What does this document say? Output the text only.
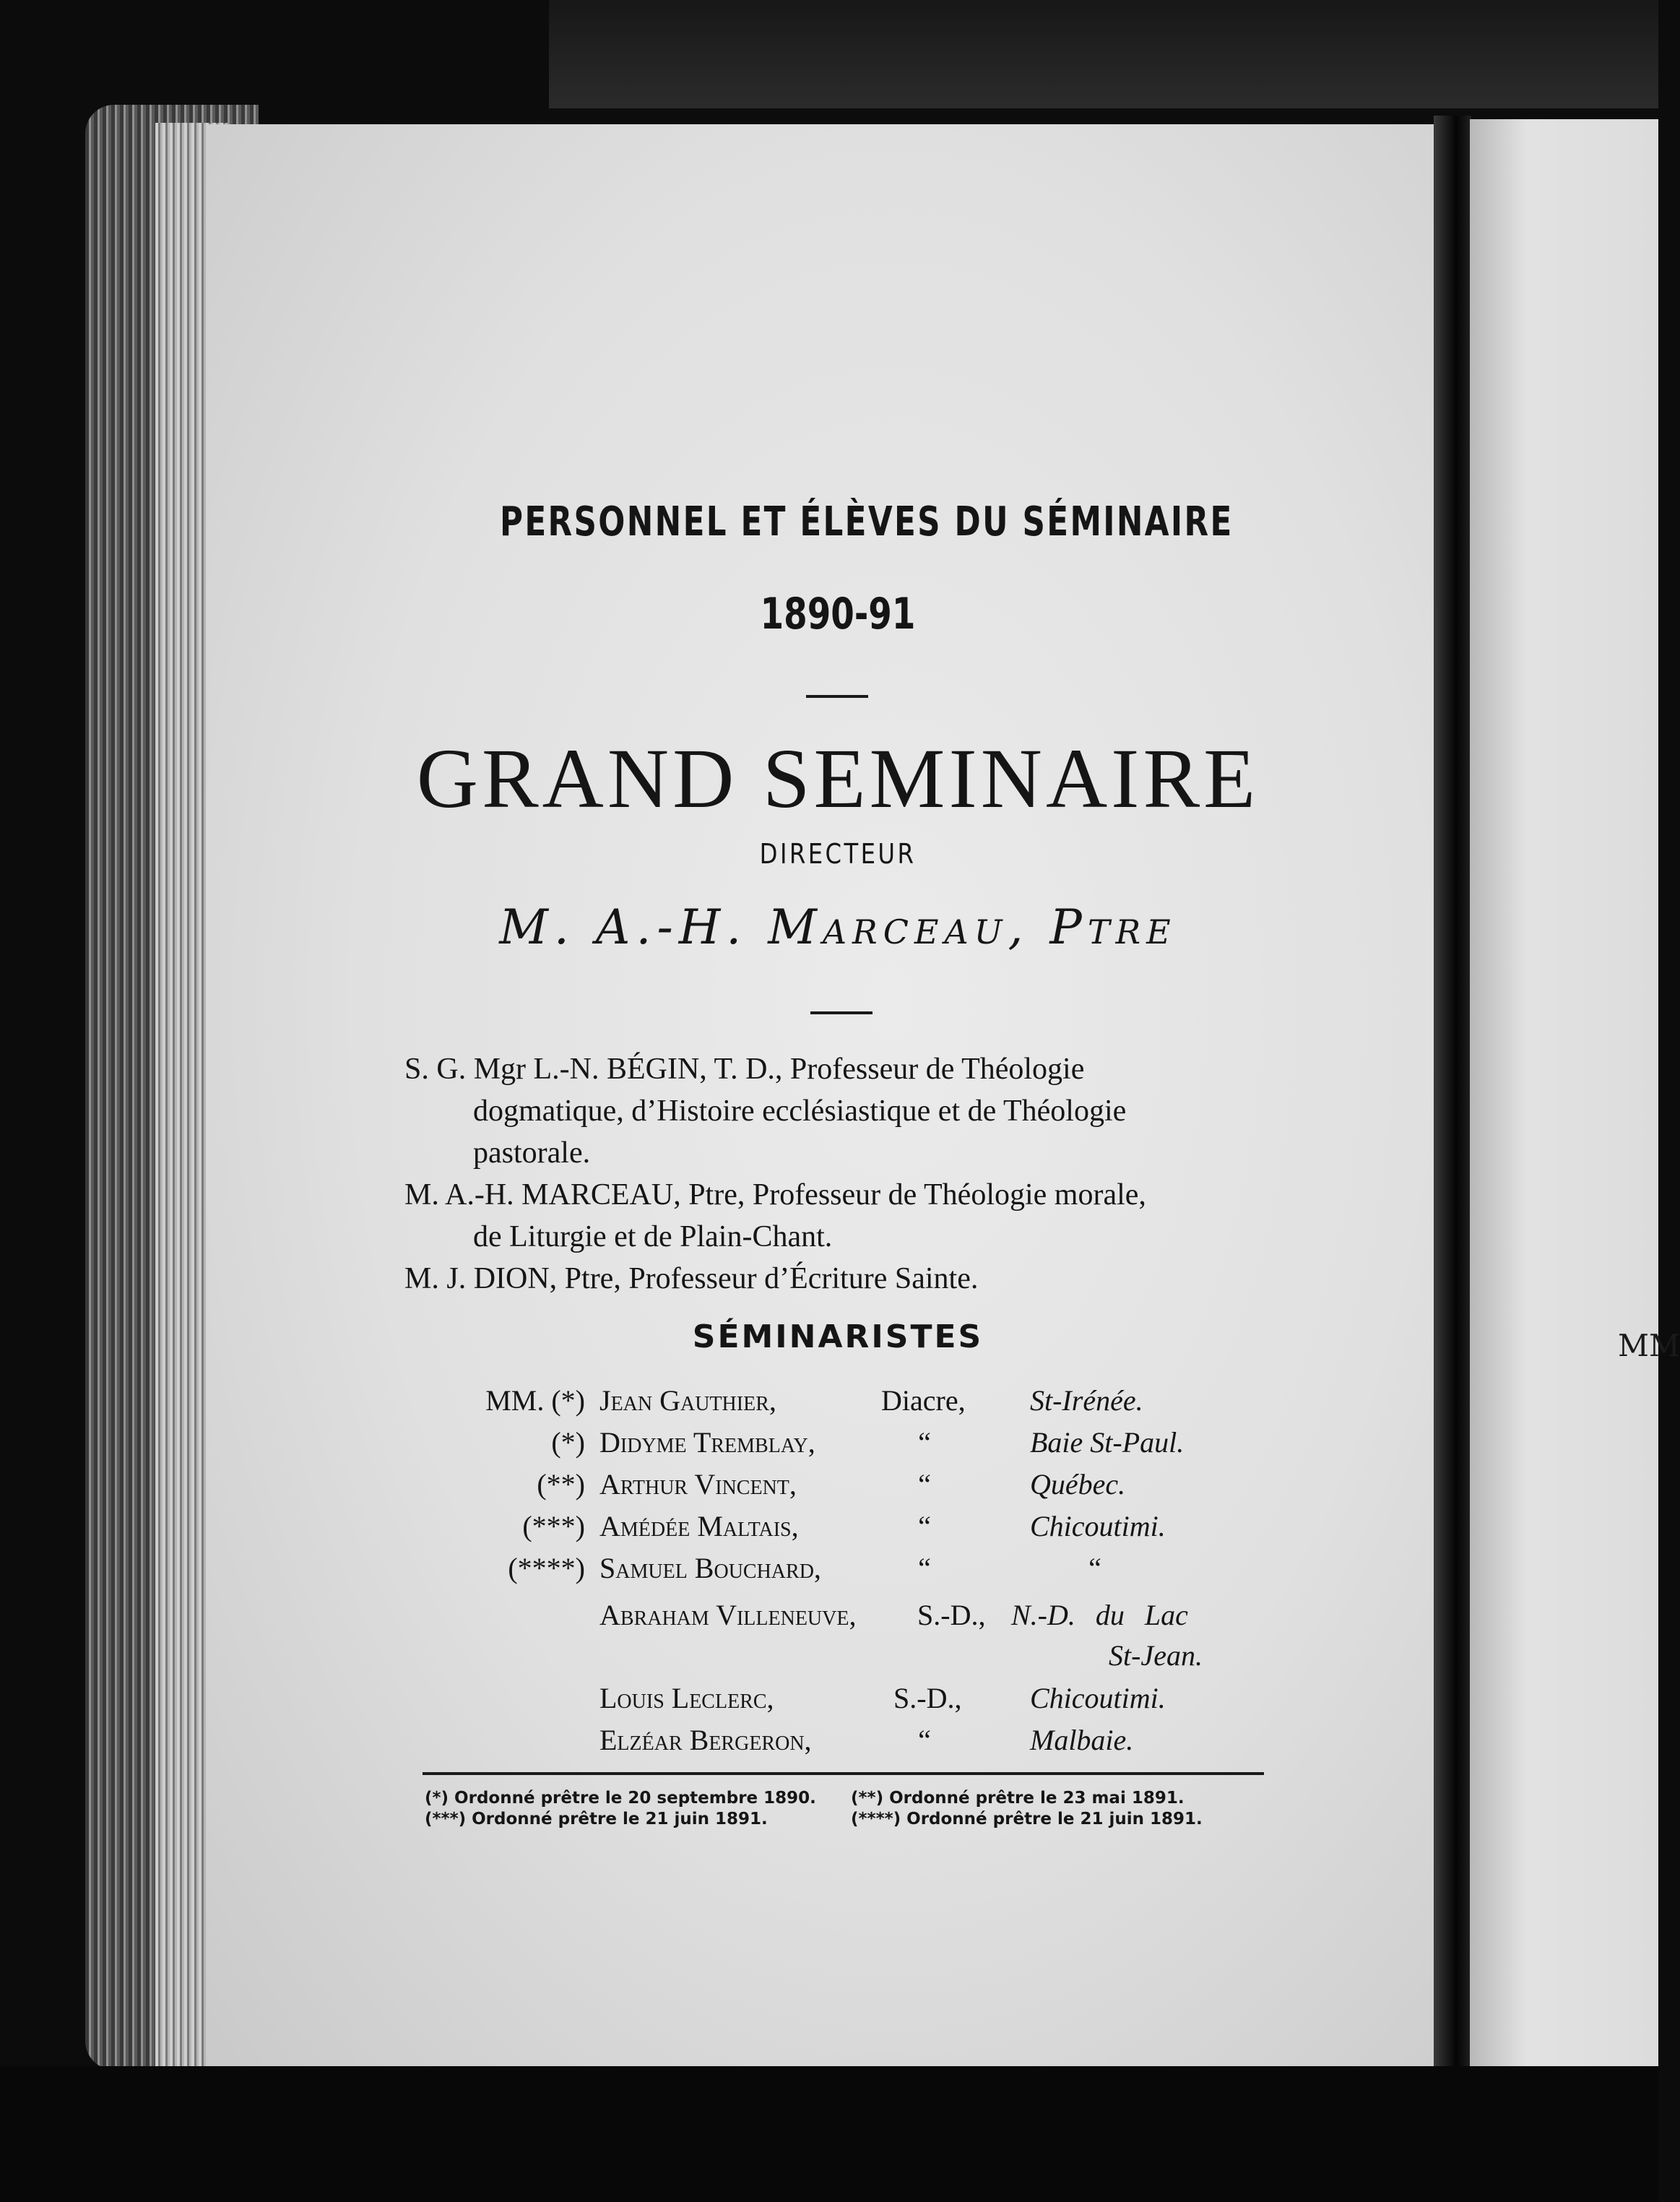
MM
PERSONNEL ET ÉLÈVES DU SÉMINAIRE
1890-91
GRAND SEMINAIRE
DIRECTEUR
M. A.-H. Marceau, Ptre
S. G. Mgr L.-N. BÉGIN, T. D., Professeur de Théologie
dogmatique, d’Histoire ecclésiastique et de Théologie
pastorale.
M. A.-H. MARCEAU, Ptre, Professeur de Théologie morale,
de Liturgie et de Plain-Chant.
M. J. DION, Ptre, Professeur d’Écriture Sainte.
SÉMINARISTES
MM. (*) Jean Gauthier,	Diacre, St-Irénée.
(*) Didyme Tremblay,	“	Baie St-Paul.
(**) Arthur Vincent,	“	Québec.
(***) Amédée Maltais,	“	Chicoutimi.
(****) Samuel Bouchard,	“	“
Abraham Villeneuve, S.-D., N.-D. du Lac
St-Jean.
Louis Leclerc,	S.-D., Chicoutimi.
Elzéar Bergeron,	“	Malbaie.
(*) Ordonné prêtre le 20 septembre 1890. (**) Ordonné prêtre le 23 mai 1891.
(***) Ordonné prêtre le 21 juin 1891.	(****) Ordonné prêtre le 21 juin 1891.
